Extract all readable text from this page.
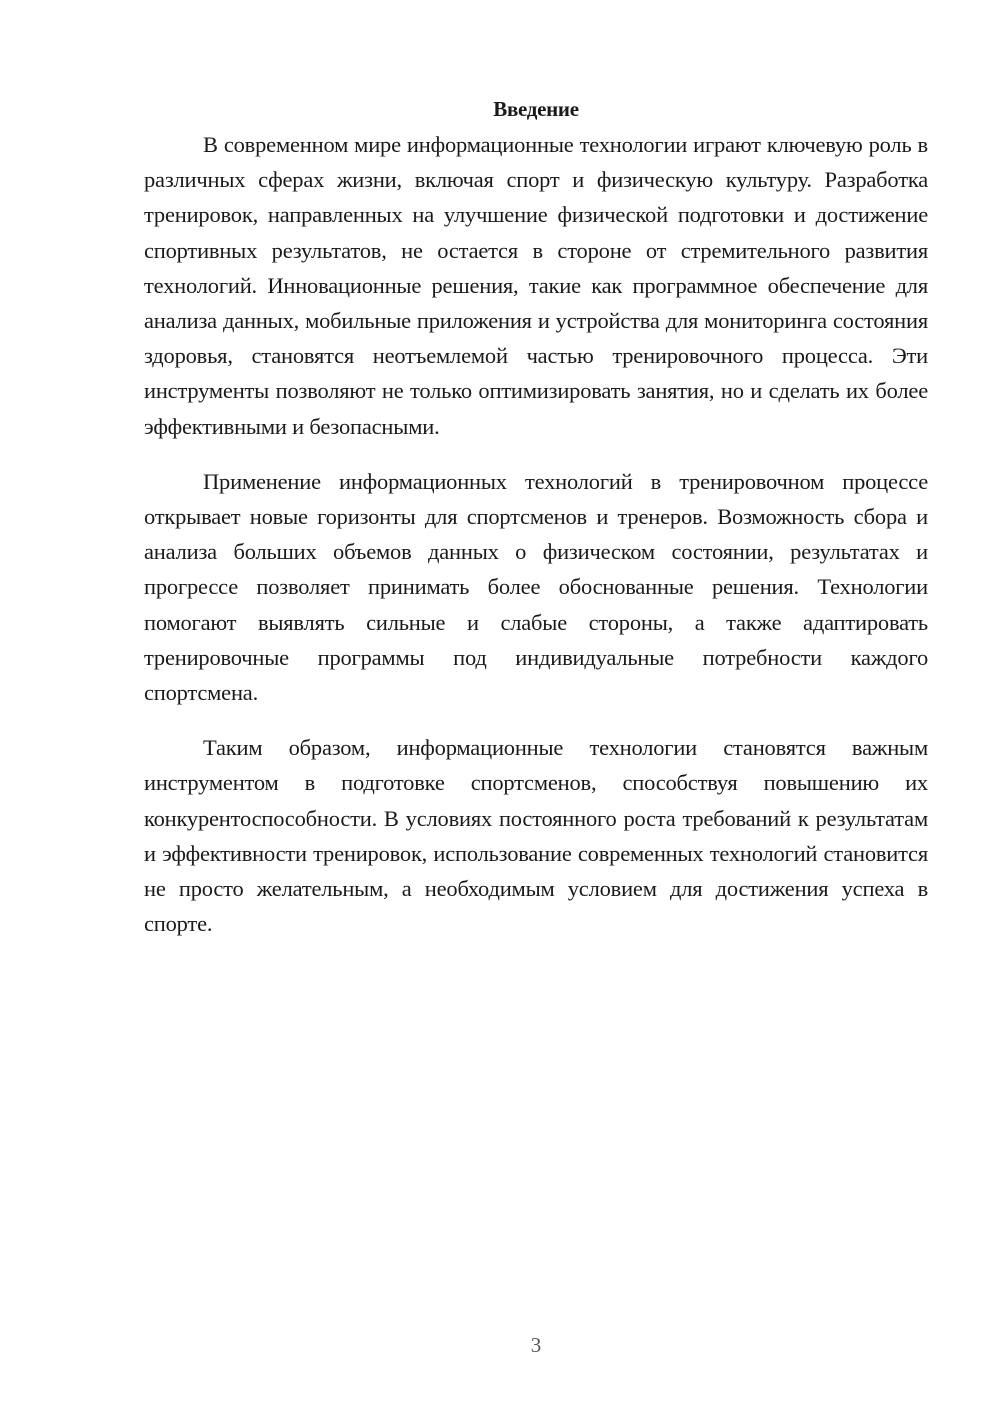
Введение

В современном мире информационные технологии играют ключевую роль в различных сферах жизни, включая спорт и физическую культуру. Разработка тренировок, направленных на улучшение физической подготовки и достижение спортивных результатов, не остается в стороне от стремительного развития технологий. Инновационные решения, такие как программное обеспечение для анализа данных, мобильные приложения и устройства для мониторинга состояния здоровья, становятся неотъемлемой частью тренировочного процесса. Эти инструменты позволяют не только оптимизировать занятия, но и сделать их более эффективными и безопасными.

Применение информационных технологий в тренировочном процессе открывает новые горизонты для спортсменов и тренеров. Возможность сбора и анализа больших объемов данных о физическом состоянии, результатах и прогрессе позволяет принимать более обоснованные решения. Технологии помогают выявлять сильные и слабые стороны, а также адаптировать тренировочные программы под индивидуальные потребности каждого спортсмена.

Таким образом, информационные технологии становятся важным инструментом в подготовке спортсменов, способствуя повышению их конкурентоспособности. В условиях постоянного роста требований к результатам и эффективности тренировок, использование современных технологий становится не просто желательным, а необходимым условием для достижения успеха в спорте.

3
